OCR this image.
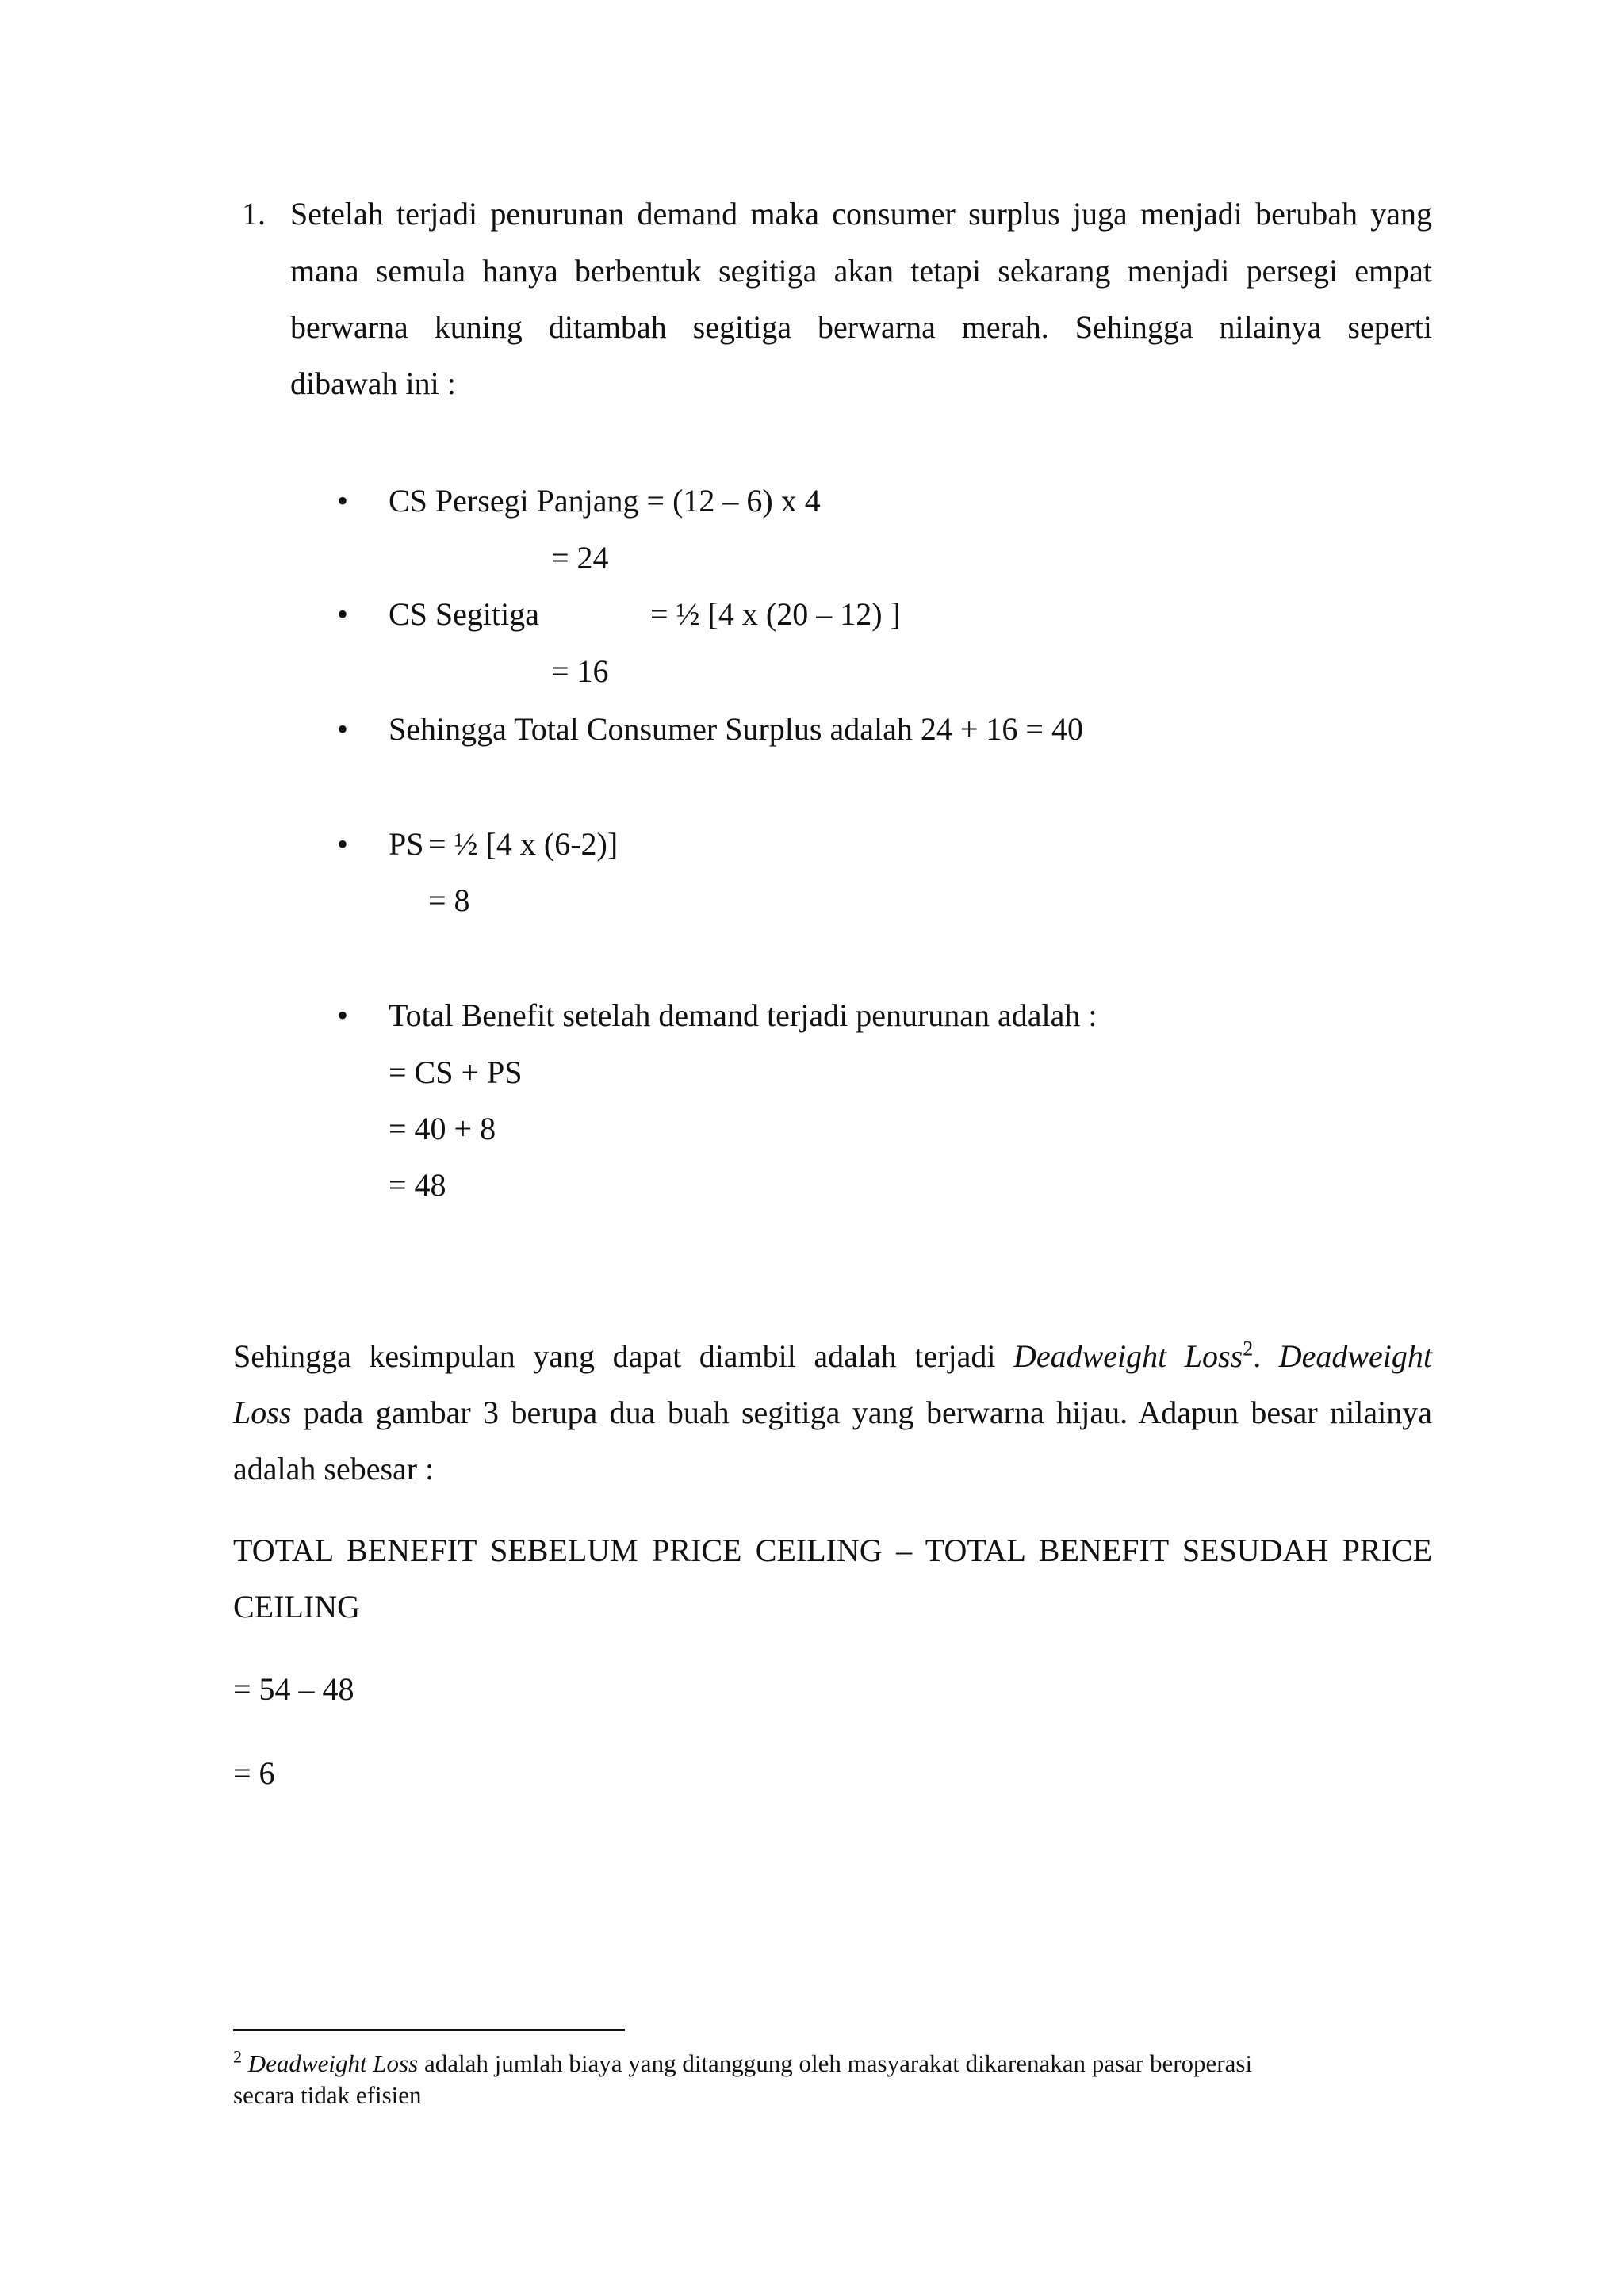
1. Setelah terjadi penurunan demand maka consumer surplus juga menjadi berubah yang
mana semula hanya berbentuk segitiga akan tetapi sekarang menjadi persegi empat
berwarna kuning ditambah segitiga berwarna merah. Sehingga nilainya seperti
dibawah ini :
• CS Persegi Panjang = (12 – 6) x 4
= 24
• CS Segitiga	= ½ [4 x (20 – 12) ]
= 16
• Sehingga Total Consumer Surplus adalah 24 + 16 = 40
• PS = ½ [4 x (6-2)]
= 8
• Total Benefit setelah demand terjadi penurunan adalah :
= CS + PS
= 40 + 8
= 48
Sehingga kesimpulan yang dapat diambil adalah terjadi Deadweight Loss$^2$. Deadweight
Loss pada gambar 3 berupa dua buah segitiga yang berwarna hijau. Adapun besar nilainya
adalah sebesar :
TOTAL BENEFIT SEBELUM PRICE CEILING – TOTAL BENEFIT SESUDAH PRICE
CEILING
= 54 – 48
= 6
$^2$ Deadweight Loss adalah jumlah biaya yang ditanggung oleh masyarakat dikarenakan pasar beroperasi
secara tidak efisien
